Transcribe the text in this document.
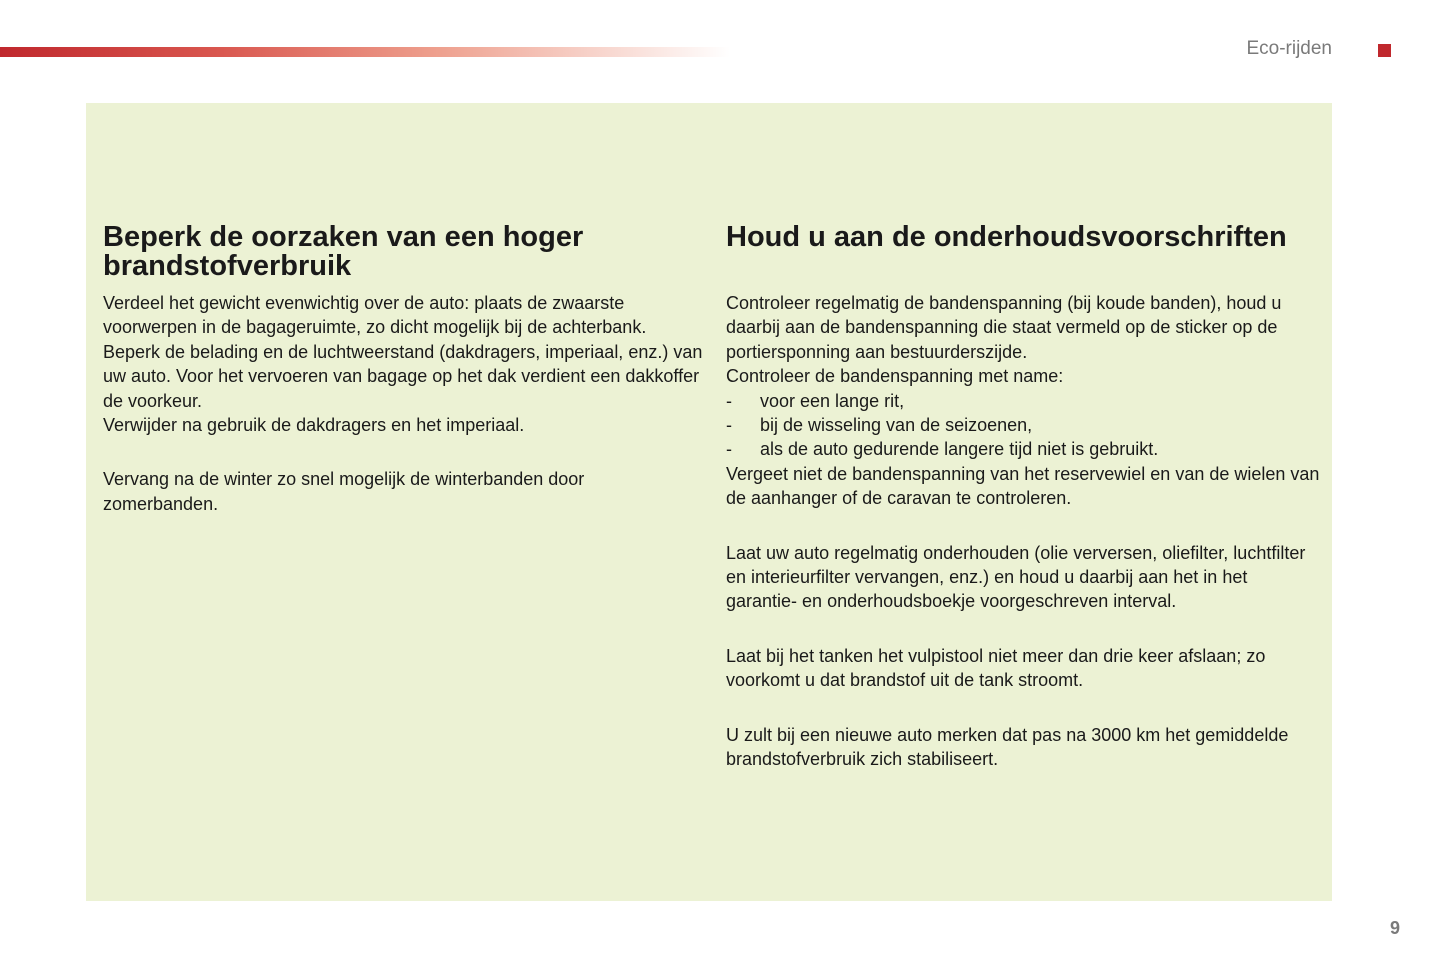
Eco-rijden
Beperk de oorzaken van een hoger brandstofverbruik

Verdeel het gewicht evenwichtig over de auto: plaats de zwaarste voorwerpen in de bagageruimte, zo dicht mogelijk bij de achterbank.

Beperk de belading en de luchtweerstand (dakdragers, imperiaal, enz.) van uw auto. Voor het vervoeren van bagage op het dak verdient een dakkoffer de voorkeur.

Verwijder na gebruik de dakdragers en het imperiaal.

Vervang na de winter zo snel mogelijk de winterbanden door zomerbanden.

Houd u aan de onderhoudsvoorschriften

Controleer regelmatig de bandenspanning (bij koude banden), houd u daarbij aan de bandenspanning die staat vermeld op de sticker op de portiersponning aan bestuurderszijde.

Controleer de bandenspanning met name:

- voor een lange rit,
- bij de wisseling van de seizoenen,
- als de auto gedurende langere tijd niet is gebruikt.

Vergeet niet de bandenspanning van het reservewiel en van de wielen van de aanhanger of de caravan te controleren.

Laat uw auto regelmatig onderhouden (olie verversen, oliefilter, luchtfilter en interieurfilter vervangen, enz.) en houd u daarbij aan het in het garantie- en onderhoudsboekje voorgeschreven interval.

Laat bij het tanken het vulpistool niet meer dan drie keer afslaan; zo voorkomt u dat brandstof uit de tank stroomt.

U zult bij een nieuwe auto merken dat pas na 3000 km het gemiddelde brandstofverbruik zich stabiliseert.

9
